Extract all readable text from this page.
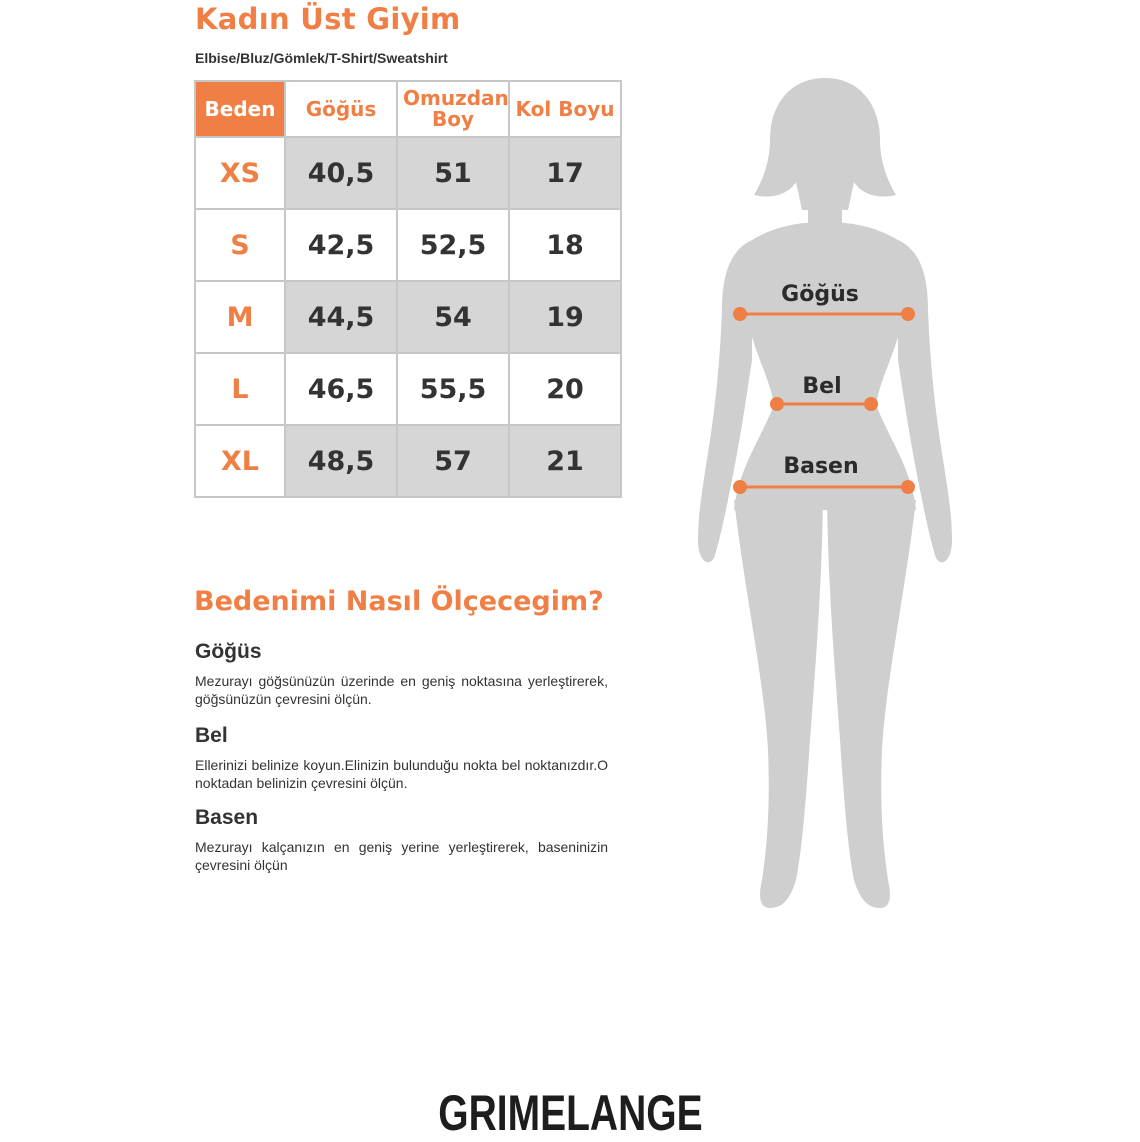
Kadın Üst Giyim
Elbise/Bluz/Gömlek/T-Shirt/Sweatshirt
Beden	Göğüs	Omuzdan Boy	Kol Boyu
XS	40,5	51	17
S	42,5	52,5	18
M	44,5	54	19
L	46,5	55,5	20
XL	48,5	57	21
Bedenimi Nasıl Ölçecegim?
Göğüs
Mezurayı göğsünüzün üzerinde en geniş noktasına yerleştirerek, göğsünüzün çevresini ölçün.
Bel
Ellerinizi belinize koyun.Elinizin bulunduğu nokta bel noktanızdır.O noktadan belinizin çevresini ölçün.
Basen
Mezurayı kalçanızın en geniş yerine yerleştirerek, baseninizin çevresini ölçün
Göğüs
Bel
Basen
GRIMELANGE
